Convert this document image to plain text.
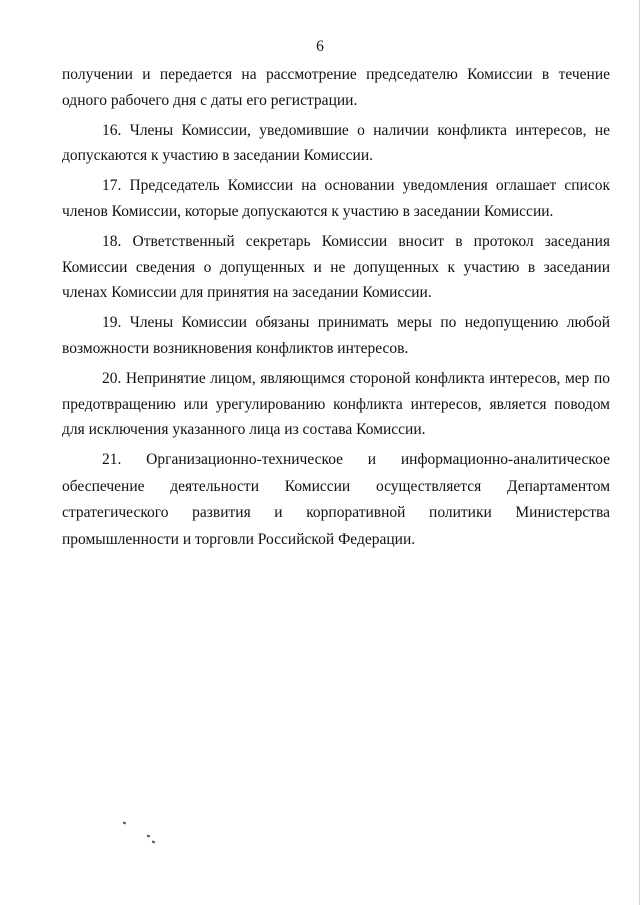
6

получении и передается на рассмотрение председателю Комиссии в течение одного рабочего дня с даты его регистрации.

16. Члены Комиссии, уведомившие о наличии конфликта интересов, не допускаются к участию в заседании Комиссии.

17. Председатель Комиссии на основании уведомления оглашает список членов Комиссии, которые допускаются к участию в заседании Комиссии.

18. Ответственный секретарь Комиссии вносит в протокол заседания Комиссии сведения о допущенных и не допущенных к участию в заседании членах Комиссии для принятия на заседании Комиссии.

19. Члены Комиссии обязаны принимать меры по недопущению любой возможности возникновения конфликтов интересов.

20. Непринятие лицом, являющимся стороной конфликта интересов, мер по предотвращению или урегулированию конфликта интересов, является поводом для исключения указанного лица из состава Комиссии.

21. Организационно-техническое и информационно-аналитическое обеспечение деятельности Комиссии осуществляется Департаментом стратегического развития и корпоративной политики Министерства промышленности и торговли Российской Федерации.
